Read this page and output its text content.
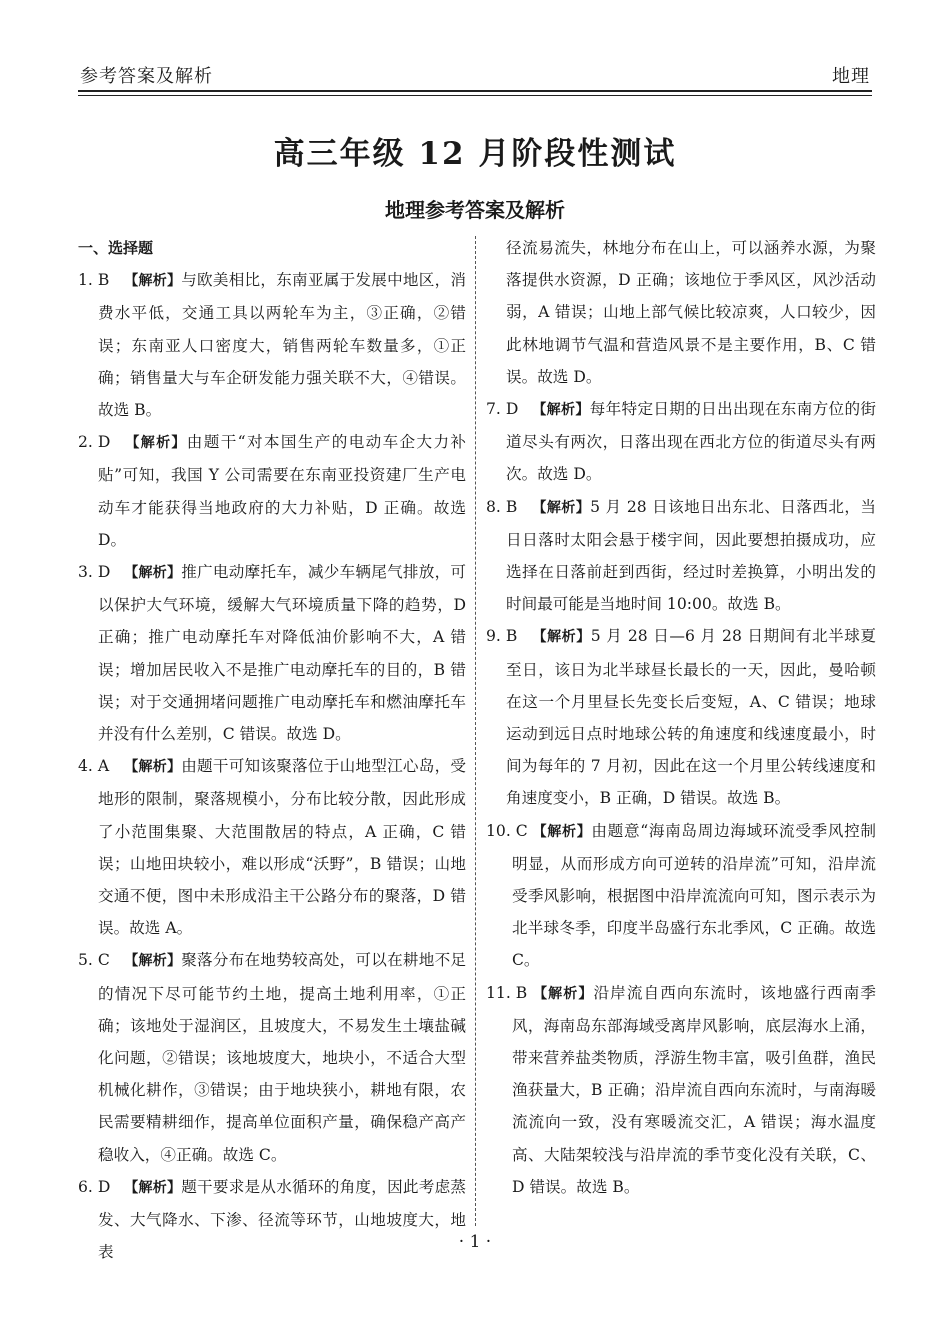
参考答案及解析	地理
高三年级 12 月阶段性测试
地理参考答案及解析
一、选择题
1. B 【解析】与欧美相比，东南亚属于发展中地区，消费水平低，交通工具以两轮车为主，③正确，②错误；东南亚人口密度大，销售两轮车数量多，①正确；销售量大与车企研发能力强关联不大，④错误。故选 B。
2. D 【解析】由题干“对本国生产的电动车企大力补贴”可知，我国 Y 公司需要在东南亚投资建厂生产电动车才能获得当地政府的大力补贴，D 正确。故选 D。
3. D 【解析】推广电动摩托车，减少车辆尾气排放，可以保护大气环境，缓解大气环境质量下降的趋势，D 正确；推广电动摩托车对降低油价影响不大，A 错误；增加居民收入不是推广电动摩托车的目的，B 错误；对于交通拥堵问题推广电动摩托车和燃油摩托车并没有什么差别，C 错误。故选 D。
4. A 【解析】由题干可知该聚落位于山地型江心岛，受地形的限制，聚落规模小，分布比较分散，因此形成了小范围集聚、大范围散居的特点，A 正确，C 错误；山地田块较小，难以形成“沃野”，B 错误；山地交通不便，图中未形成沿主干公路分布的聚落，D 错误。故选 A。
5. C 【解析】聚落分布在地势较高处，可以在耕地不足的情况下尽可能节约土地，提高土地利用率，①正确；该地处于湿润区，且坡度大，不易发生土壤盐碱化问题，②错误；该地坡度大，地块小，不适合大型机械化耕作，③错误；由于地块狭小，耕地有限，农民需要精耕细作，提高单位面积产量，确保稳产高产稳收入，④正确。故选 C。
6. D 【解析】题干要求是从水循环的角度，因此考虑蒸发、大气降水、下渗、径流等环节，山地坡度大，地表
径流易流失，林地分布在山上，可以涵养水源，为聚落提供水资源，D 正确；该地位于季风区，风沙活动弱，A 错误；山地上部气候比较凉爽，人口较少，因此林地调节气温和营造风景不是主要作用，B、C 错误。故选 D。
7. D 【解析】每年特定日期的日出出现在东南方位的街道尽头有两次，日落出现在西北方位的街道尽头有两次。故选 D。
8. B 【解析】5 月 28 日该地日出东北、日落西北，当日日落时太阳会悬于楼宇间，因此要想拍摄成功，应选择在日落前赶到西街，经过时差换算，小明出发的时间最可能是当地时间 10:00。故选 B。
9. B 【解析】5 月 28 日—6 月 28 日期间有北半球夏至日，该日为北半球昼长最长的一天，因此，曼哈顿在这一个月里昼长先变长后变短，A、C 错误；地球运动到远日点时地球公转的角速度和线速度最小，时间为每年的 7 月初，因此在这一个月里公转线速度和角速度变小，B 正确，D 错误。故选 B。
10. C 【解析】由题意“海南岛周边海域环流受季风控制明显，从而形成方向可逆转的沿岸流”可知，沿岸流受季风影响，根据图中沿岸流流向可知，图示表示为北半球冬季，印度半岛盛行东北季风，C 正确。故选 C。
11. B 【解析】沿岸流自西向东流时，该地盛行西南季风，海南岛东部海域受离岸风影响，底层海水上涌，带来营养盐类物质，浮游生物丰富，吸引鱼群，渔民渔获量大，B 正确；沿岸流自西向东流时，与南海暖流流向一致，没有寒暖流交汇，A 错误；海水温度高、大陆架较浅与沿岸流的季节变化没有关联，C、D 错误。故选 B。
· 1 ·
